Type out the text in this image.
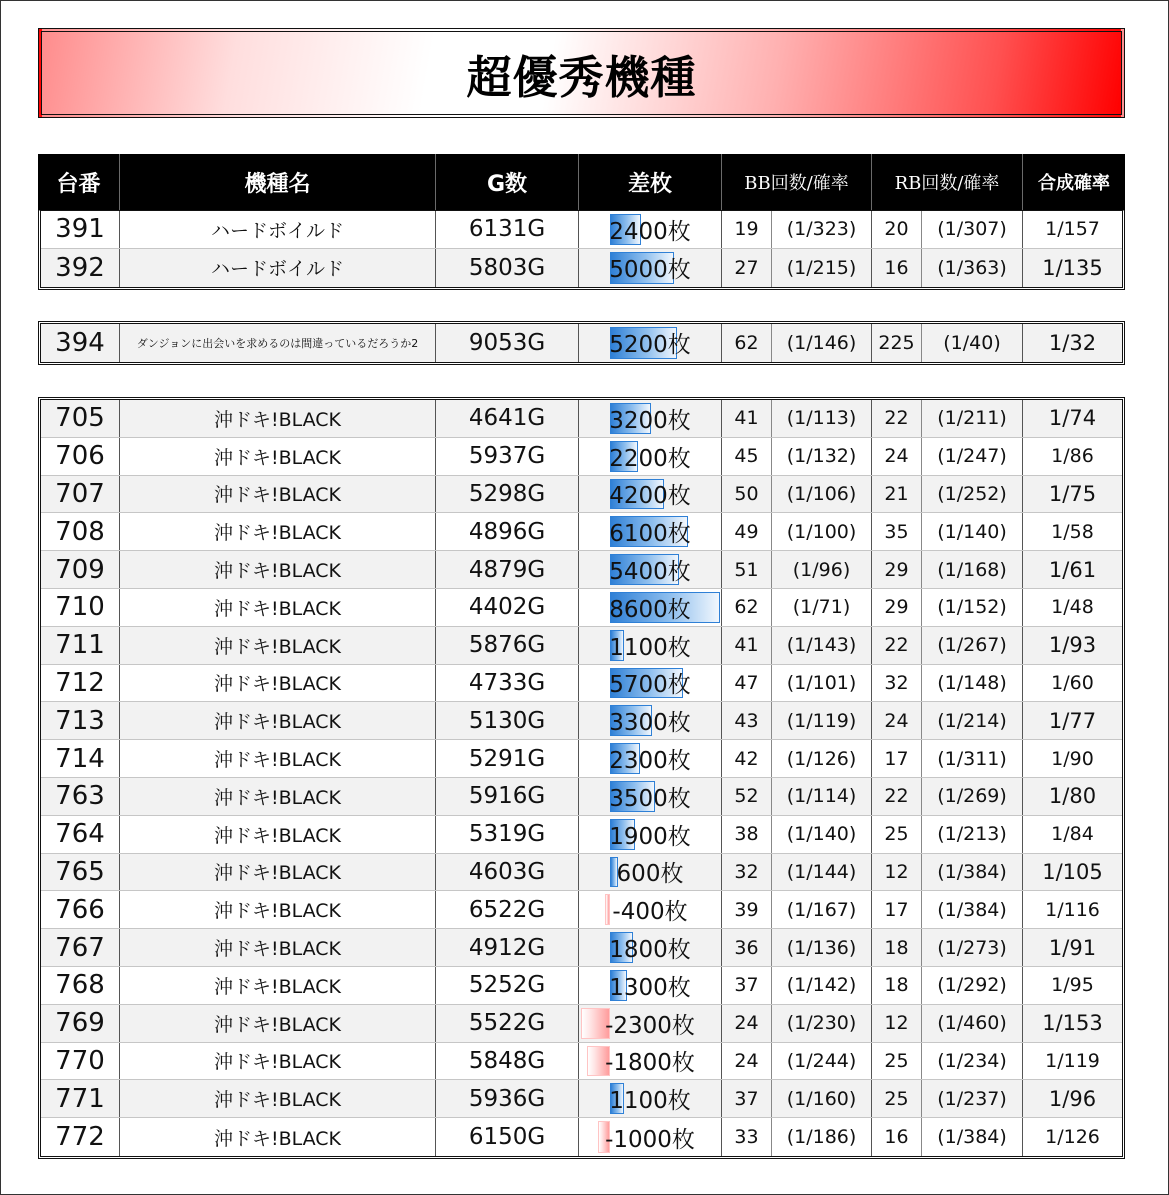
超優秀機種
台番	機種名	G数	差枚	BB回数/確率	RB回数/確率	合成確率
391	ハードボイルド	6131G	2400枚	19	(1/323)	20	(1/307)	1/157
392	ハードボイルド	5803G	5000枚	27	(1/215)	16	(1/363)	1/135
394	ダンジョンに出会いを求めるのは間違っているだろうか2	9053G	5200枚	62	(1/146)	225	(1/40)	1/32
705	沖ドキ!BLACK	4641G	3200枚	41	(1/113)	22	(1/211)	1/74
706	沖ドキ!BLACK	5937G	2200枚	45	(1/132)	24	(1/247)	1/86
707	沖ドキ!BLACK	5298G	4200枚	50	(1/106)	21	(1/252)	1/75
708	沖ドキ!BLACK	4896G	6100枚	49	(1/100)	35	(1/140)	1/58
709	沖ドキ!BLACK	4879G	5400枚	51	(1/96)	29	(1/168)	1/61
710	沖ドキ!BLACK	4402G	8600枚	62	(1/71)	29	(1/152)	1/48
711	沖ドキ!BLACK	5876G	1100枚	41	(1/143)	22	(1/267)	1/93
712	沖ドキ!BLACK	4733G	5700枚	47	(1/101)	32	(1/148)	1/60
713	沖ドキ!BLACK	5130G	3300枚	43	(1/119)	24	(1/214)	1/77
714	沖ドキ!BLACK	5291G	2300枚	42	(1/126)	17	(1/311)	1/90
763	沖ドキ!BLACK	5916G	3500枚	52	(1/114)	22	(1/269)	1/80
764	沖ドキ!BLACK	5319G	1900枚	38	(1/140)	25	(1/213)	1/84
765	沖ドキ!BLACK	4603G	600枚	32	(1/144)	12	(1/384)	1/105
766	沖ドキ!BLACK	6522G	-400枚	39	(1/167)	17	(1/384)	1/116
767	沖ドキ!BLACK	4912G	1800枚	36	(1/136)	18	(1/273)	1/91
768	沖ドキ!BLACK	5252G	1300枚	37	(1/142)	18	(1/292)	1/95
769	沖ドキ!BLACK	5522G	-2300枚	24	(1/230)	12	(1/460)	1/153
770	沖ドキ!BLACK	5848G	-1800枚	24	(1/244)	25	(1/234)	1/119
771	沖ドキ!BLACK	5936G	1100枚	37	(1/160)	25	(1/237)	1/96
772	沖ドキ!BLACK	6150G	-1000枚	33	(1/186)	16	(1/384)	1/126
